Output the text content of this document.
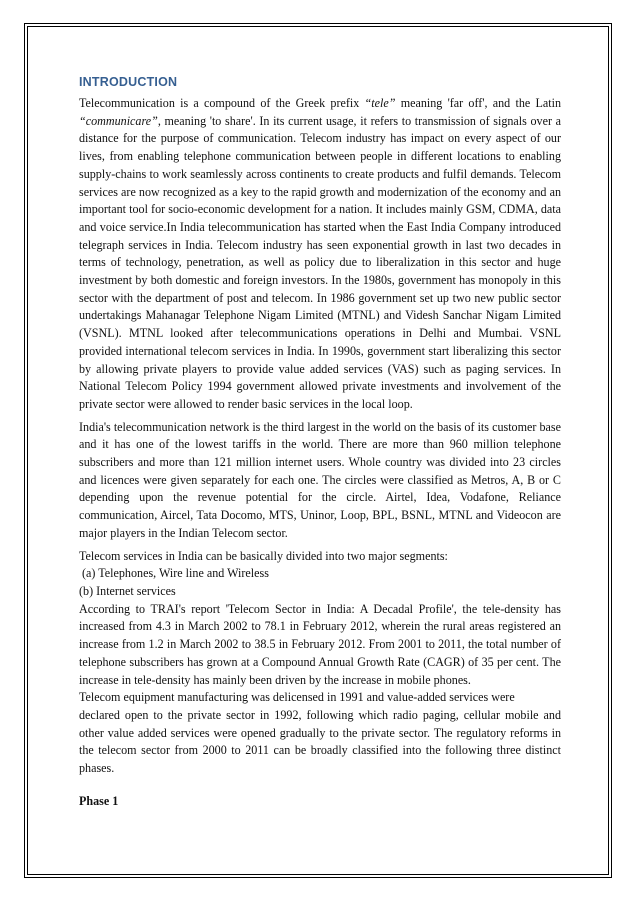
INTRODUCTION

Telecommunication is a compound of the Greek prefix “tele” meaning 'far off', and the Latin “communicare”, meaning 'to share'. In its current usage, it refers to transmission of signals over a distance for the purpose of communication. Telecom industry has impact on every aspect of our lives, from enabling telephone communication between people in different locations to enabling supply-chains to work seamlessly across continents to create products and fulfil demands. Telecom services are now recognized as a key to the rapid growth and modernization of the economy and an important tool for socio-economic development for a nation. It includes mainly GSM, CDMA, data and voice service.In India telecommunication has started when the East India Company introduced telegraph services in India. Telecom industry has seen exponential growth in last two decades in terms of technology, penetration, as well as policy due to liberalization in this sector and huge investment by both domestic and foreign investors. In the 1980s, government has monopoly in this sector with the department of post and telecom. In 1986 government set up two new public sector undertakings Mahanagar Telephone Nigam Limited (MTNL) and Videsh Sanchar Nigam Limited (VSNL). MTNL looked after telecommunications operations in Delhi and Mumbai. VSNL provided international telecom services in India. In 1990s, government start liberalizing this sector by allowing private players to provide value added services (VAS) such as paging services. In National Telecom Policy 1994 government allowed private investments and involvement of the private sector were allowed to render basic services in the local loop.

India's telecommunication network is the third largest in the world on the basis of its customer base and it has one of the lowest tariffs in the world. There are more than 960 million telephone subscribers and more than 121 million internet users. Whole country was divided into 23 circles and licences were given separately for each one. The circles were classified as Metros, A, B or C depending upon the revenue potential for the circle. Airtel, Idea, Vodafone, Reliance communication, Aircel, Tata Docomo, MTS, Uninor, Loop, BPL, BSNL, MTNL and Videocon are major players in the Indian Telecom sector.

Telecom services in India can be basically divided into two major segments:

(a) Telephones, Wire line and Wireless

(b) Internet services

According to TRAI's report 'Telecom Sector in India: A Decadal Profile', the tele-density has increased from 4.3 in March 2002 to 78.1 in February 2012, wherein the rural areas registered an increase from 1.2 in March 2002 to 38.5 in February 2012. From 2001 to 2011, the total number of telephone subscribers has grown at a Compound Annual Growth Rate (CAGR) of 35 per cent. The increase in tele-density has mainly been driven by the increase in mobile phones.

Telecom equipment manufacturing was delicensed in 1991 and value-added services were

declared open to the private sector in 1992, following which radio paging, cellular mobile and other value added services were opened gradually to the private sector. The regulatory reforms in the telecom sector from 2000 to 2011 can be broadly classified into the following three distinct phases.

Phase 1
